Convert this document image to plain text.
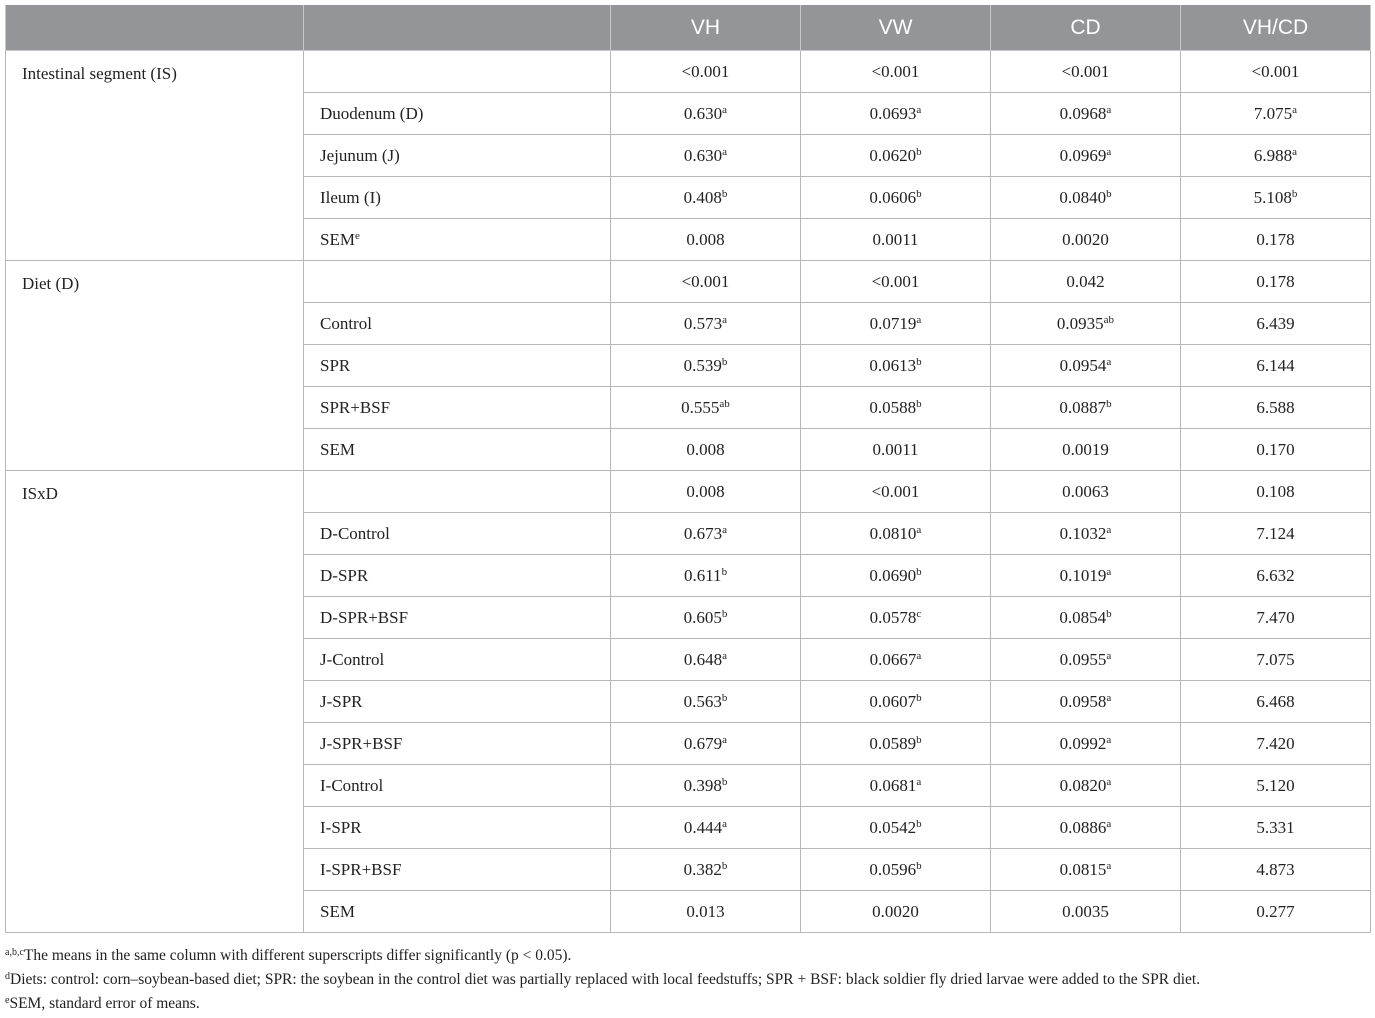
		VH	VW	CD	VH/CD
Intestinal segment (IS)		<0.001	<0.001	<0.001	<0.001
	Duodenum (D)	0.630$^a$	0.0693$^a$	0.0968$^a$	7.075$^a$
	Jejunum (J)	0.630$^a$	0.0620$^b$	0.0969$^a$	6.988$^a$
	Ileum (I)	0.408$^b$	0.0606$^b$	0.0840$^b$	5.108$^b$
	SEM$^e$	0.008	0.0011	0.0020	0.178
Diet (D)		<0.001	<0.001	0.042	0.178
	Control	0.573$^a$	0.0719$^a$	0.0935$^{ab}$	6.439
	SPR	0.539$^b$	0.0613$^b$	0.0954$^a$	6.144
	SPR+BSF	0.555$^{ab}$	0.0588$^b$	0.0887$^b$	6.588
	SEM	0.008	0.0011	0.0019	0.170
ISxD		0.008	<0.001	0.0063	0.108
	D-Control	0.673$^a$	0.0810$^a$	0.1032$^a$	7.124
	D-SPR	0.611$^b$	0.0690$^b$	0.1019$^a$	6.632
	D-SPR+BSF	0.605$^b$	0.0578$^c$	0.0854$^b$	7.470
	J-Control	0.648$^a$	0.0667$^a$	0.0955$^a$	7.075
	J-SPR	0.563$^b$	0.0607$^b$	0.0958$^a$	6.468
	J-SPR+BSF	0.679$^a$	0.0589$^b$	0.0992$^a$	7.420
	I-Control	0.398$^b$	0.0681$^a$	0.0820$^a$	5.120
	I-SPR	0.444$^a$	0.0542$^b$	0.0886$^a$	5.331
	I-SPR+BSF	0.382$^b$	0.0596$^b$	0.0815$^a$	4.873
	SEM	0.013	0.0020	0.0035	0.277
$^{a,b,c}$The means in the same column with different superscripts differ significantly (p < 0.05).
$^d$Diets: control: corn–soybean-based diet; SPR: the soybean in the control diet was partially replaced with local feedstuffs; SPR + BSF: black soldier fly dried larvae were added to the SPR diet.
$^e$SEM, standard error of means.
